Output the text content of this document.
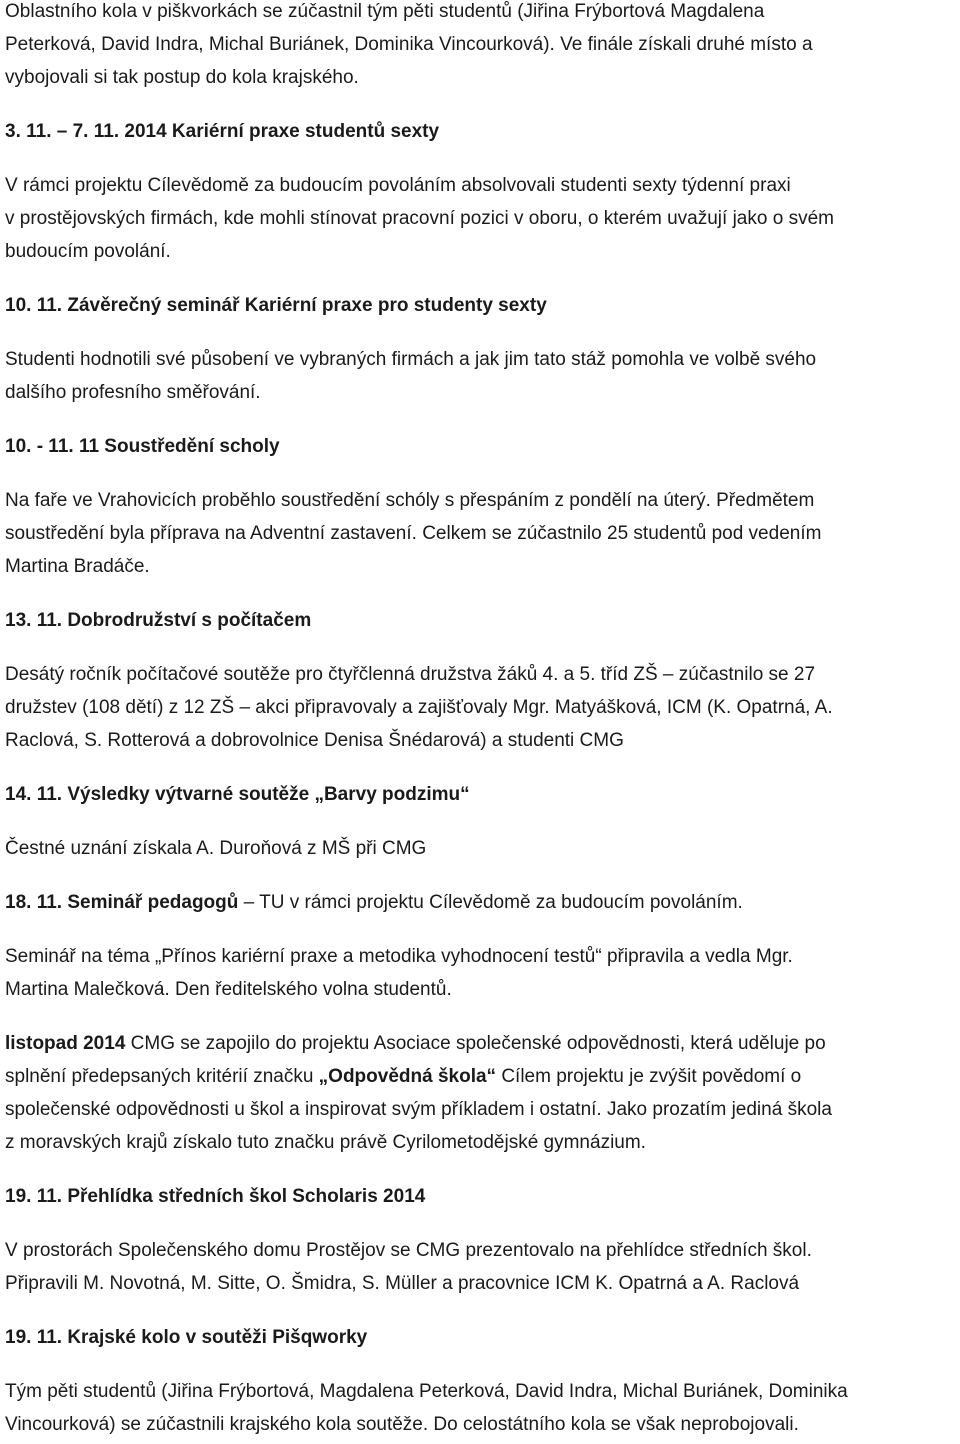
Oblastního kola v piškvorkách se zúčastnil tým pěti studentů (Jiřina Frýbortová Magdalena
Peterková, David Indra, Michal Buriánek, Dominika Vincourková). Ve finále získali druhé místo a
vybojovali si tak postup do kola krajského.
3. 11. – 7. 11. 2014 Kariérní praxe studentů sexty
V rámci projektu Cílevědomě za budoucím povoláním absolvovali studenti sexty týdenní praxi
v prostějovských firmách, kde mohli stínovat pracovní pozici v oboru, o kterém uvažují jako o svém
budoucím povolání.
10. 11. Závěrečný seminář Kariérní praxe pro studenty sexty
Studenti hodnotili své působení ve vybraných firmách a jak jim tato stáž pomohla ve volbě svého
dalšího profesního směřování.
10. - 11. 11 Soustředění scholy
Na faře ve Vrahovicích proběhlo soustředění schóly s přespáním z pondělí na úterý. Předmětem
soustředění byla příprava na Adventní zastavení. Celkem se zúčastnilo 25 studentů pod vedením
Martina Bradáče.
13. 11. Dobrodružství s počítačem
Desátý ročník počítačové soutěže pro čtyřčlenná družstva žáků 4. a 5. tříd ZŠ – zúčastnilo se 27
družstev (108 dětí) z 12 ZŠ – akci připravovaly a zajišťovaly Mgr. Matyášková, ICM (K. Opatrná, A.
Raclová, S. Rotterová a dobrovolnice Denisa Šnédarová) a studenti CMG
14. 11. Výsledky výtvarné soutěže „Barvy podzimu“
Čestné uznání získala A. Duroňová z MŠ při CMG
18. 11. Seminář pedagogů – TU v rámci projektu Cílevědomě za budoucím povoláním.
Seminář na téma „Přínos kariérní praxe a metodika vyhodnocení testů“ připravila a vedla Mgr.
Martina Malečková. Den ředitelského volna studentů.
listopad 2014 CMG se zapojilo do projektu Asociace společenské odpovědnosti, která uděluje po
splnění předepsaných kritérií značku „Odpovědná škola“ Cílem projektu je zvýšit povědomí o
společenské odpovědnosti u škol a inspirovat svým příkladem i ostatní. Jako prozatím jediná škola
z moravských krajů získalo tuto značku právě Cyrilometodějské gymnázium.
19. 11. Přehlídka středních škol Scholaris 2014
V prostorách Společenského domu Prostějov se CMG prezentovalo na přehlídce středních škol.
Připravili M. Novotná, M. Sitte, O. Šmidra, S. Müller a pracovnice ICM K. Opatrná a A. Raclová
19. 11. Krajské kolo v soutěži Pišqworky
Tým pěti studentů (Jiřina Frýbortová, Magdalena Peterková, David Indra, Michal Buriánek, Dominika
Vincourková) se zúčastnili krajského kola soutěže. Do celostátního kola se však neprobojovali.
